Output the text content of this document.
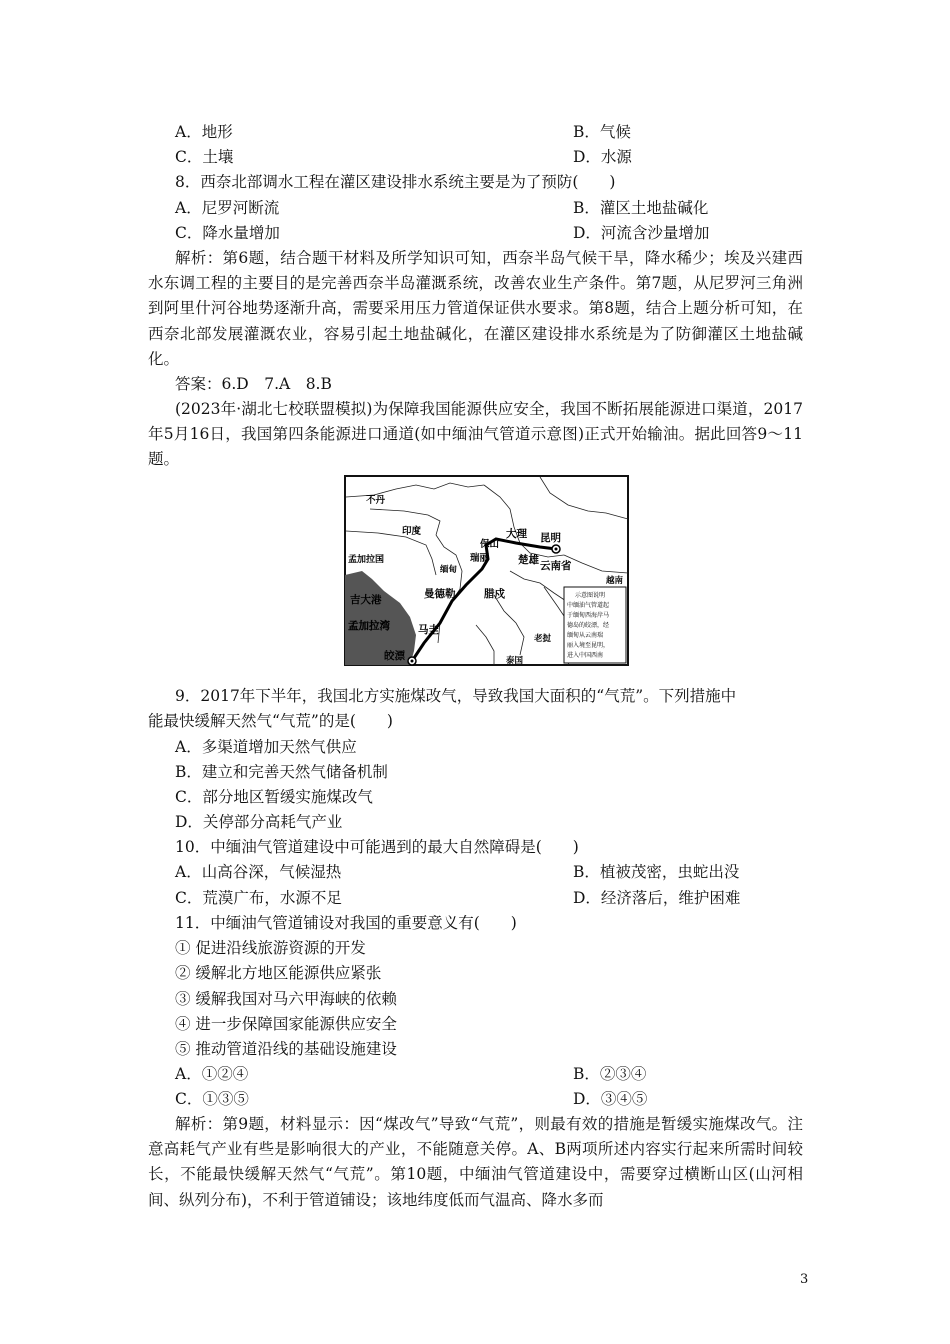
A．地形	B．气候
C．土壤	D．水源
8．西奈北部调水工程在灌区建设排水系统主要是为了预防(　　)
A．尼罗河断流	B．灌区土地盐碱化
C．降水量增加	D．河流含沙量增加
解析：第6题，结合题干材料及所学知识可知，西奈半岛气候干旱，降水稀少；埃及兴建西水东调工程的主要目的是完善西奈半岛灌溉系统，改善农业生产条件。第7题，从尼罗河三角洲到阿里什河谷地势逐渐升高，需要采用压力管道保证供水要求。第8题，结合上题分析可知，在西奈北部发展灌溉农业，容易引起土地盐碱化，在灌区建设排水系统是为了防御灌区土地盐碱化。
答案：6.D　7.A　8.B
(2023年·湖北七校联盟模拟)为保障我国能源供应安全，我国不断拓展能源进口渠道，2017年5月16日，我国第四条能源进口通道(如中缅油气管道示意图)正式开始输油。据此回答9～11题。
不丹
印度
孟加拉国
缅甸
保山
瑞丽
大理 昆明
楚雄 云南省
曼德勒	腊戍
吉大港
孟加拉湾	马圭
皎漂
老挝
泰国
越南
示意图说明
中缅油气管道起
于缅甸西海岸马
德岛的皎漂，经
缅甸从云南瑞
丽入境至昆明，
进入中国西南
9．2017年下半年，我国北方实施煤改气，导致我国大面积的“气荒”。下列措施中
能最快缓解天然气“气荒”的是(　　)
A．多渠道增加天然气供应
B．建立和完善天然气储备机制
C．部分地区暂缓实施煤改气
D．关停部分高耗气产业
10．中缅油气管道建设中可能遇到的最大自然障碍是(　　)
A．山高谷深，气候湿热	B．植被茂密，虫蛇出没
C．荒漠广布，水源不足	D．经济落后，维护困难
11．中缅油气管道铺设对我国的重要意义有(　　)
① 促进沿线旅游资源的开发
② 缓解北方地区能源供应紧张
③ 缓解我国对马六甲海峡的依赖
④ 进一步保障国家能源供应安全
⑤ 推动管道沿线的基础设施建设
A．①②④	B．②③④
C．①③⑤	D．③④⑤
解析：第9题，材料显示：因“煤改气”导致“气荒”，则最有效的措施是暂缓实施煤改气。注意高耗气产业有些是影响很大的产业，不能随意关停。A、B两项所述内容实行起来所需时间较长，不能最快缓解天然气“气荒”。第10题，中缅油气管道建设中，需要穿过横断山区(山河相间、纵列分布)，不利于管道铺设；该地纬度低而气温高、降水多而
3
